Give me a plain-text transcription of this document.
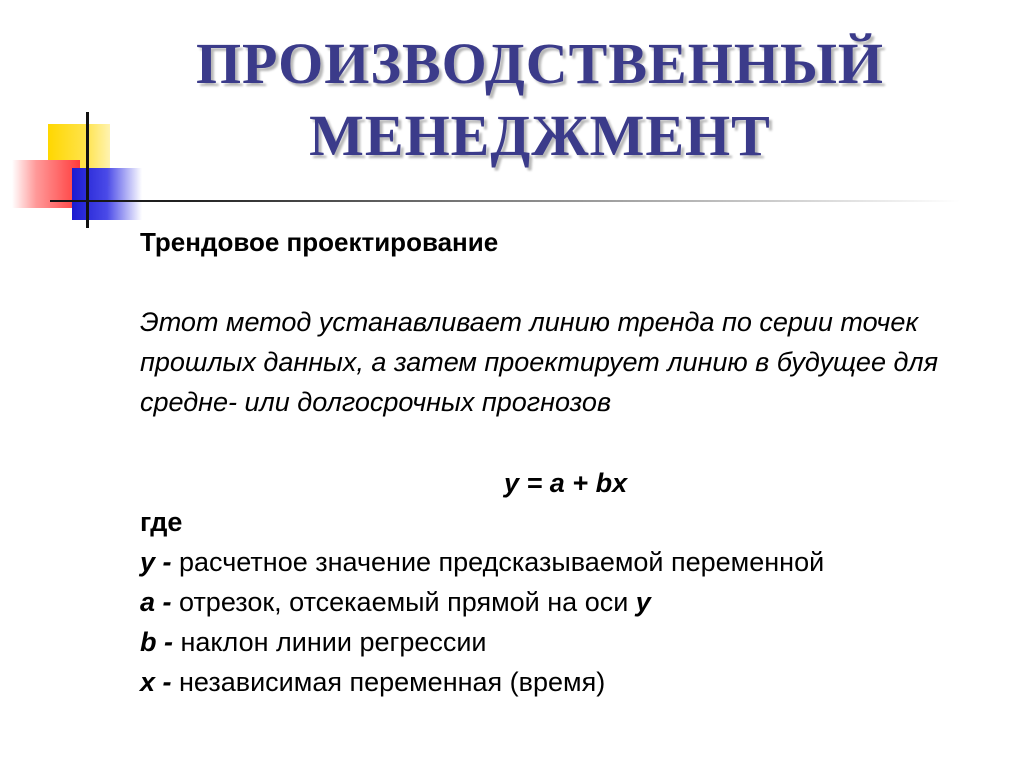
ПРОИЗВОДСТВЕННЫЙ
МЕНЕДЖМЕНТ

Трендовое проектирование

Этот метод устанавливает линию тренда по серии точек прошлых данных, а затем проектирует линию в будущее для средне- или долгосрочных прогнозов

y = a + bx

где

y - расчетное значение предсказываемой переменной

a - отрезок, отсекаемый прямой на оси y

b - наклон линии регрессии

x - независимая переменная (время)
